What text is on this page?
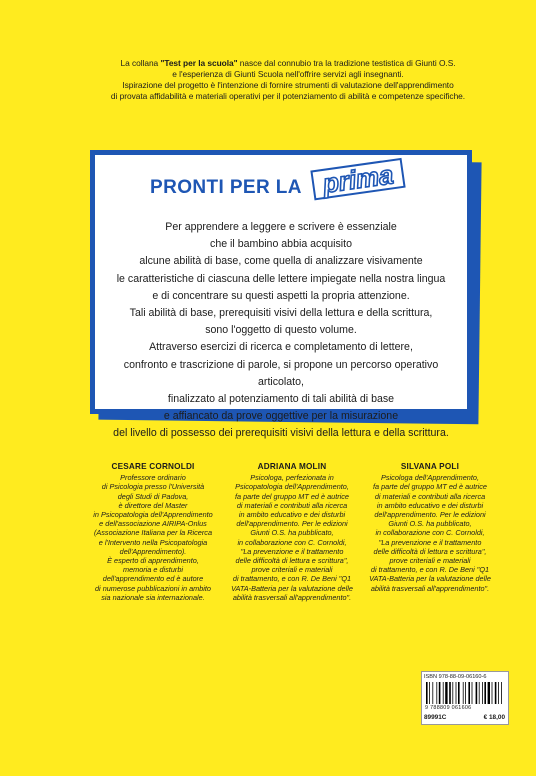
La collana "Test per la scuola" nasce dal connubio tra la tradizione testistica di Giunti O.S.
e l'esperienza di Giunti Scuola nell'offrire servizi agli insegnanti.
Ispirazione del progetto è l'intenzione di fornire strumenti di valutazione dell'apprendimento
di provata affidabilità e materiali operativi per il potenziamento di abilità e competenze specifiche.
PRONTI PER LA prima
Per apprendere a leggere e scrivere è essenziale
che il bambino abbia acquisito
alcune abilità di base, come quella di analizzare visivamente
le caratteristiche di ciascuna delle lettere impiegate nella nostra lingua
e di concentrare su questi aspetti la propria attenzione.
Tali abilità di base, prerequisiti visivi della lettura e della scrittura,
sono l'oggetto di questo volume.
Attraverso esercizi di ricerca e completamento di lettere,
confronto e trascrizione di parole, si propone un percorso operativo articolato,
finalizzato al potenziamento di tali abilità di base
e affiancato da prove oggettive per la misurazione
del livello di possesso dei prerequisiti visivi della lettura e della scrittura.
CESARE CORNOLDI
Professore ordinario
di Psicologia presso l'Università
degli Studi di Padova,
è direttore del Master
in Psicopatologia dell'Apprendimento
e dell'associazione AIRIPA-Onlus
(Associazione Italiana per la Ricerca
e l'Intervento nella Psicopatologia
dell'Apprendimento).
È esperto di apprendimento,
memoria e disturbi
dell'apprendimento ed è autore
di numerose pubblicazioni in ambito
sia nazionale sia internazionale.
ADRIANA MOLIN
Psicologa, perfezionata in
Psicopatologia dell'Apprendimento,
fa parte del gruppo MT ed è autrice
di materiali e contributi alla ricerca
in ambito educativo e dei disturbi
dell'apprendimento. Per le edizioni
Giunti O.S. ha pubblicato,
in collaborazione con C. Cornoldi,
"La prevenzione e il trattamento
delle difficoltà di lettura e scrittura",
prove criteriali e materiali
di trattamento, e con R. De Beni "Q1
VATA-Batteria per la valutazione delle
abilità trasversali all'apprendimento".
SILVANA POLI
Psicologa dell'Apprendimento,
fa parte del gruppo MT ed è autrice
di materiali e contributi alla ricerca
in ambito educativo e dei disturbi
dell'apprendimento. Per le edizioni
Giunti O.S. ha pubblicato,
in collaborazione con C. Cornoldi,
"La prevenzione e il trattamento
delle difficoltà di lettura e scrittura",
prove criteriali e materiali
di trattamento, e con R. De Beni "Q1
VATA-Batteria per la valutazione delle
abilità trasversali all'apprendimento".
ISBN 978-88-09-06160-6
9 788809 061606
89991C	€ 18,00
